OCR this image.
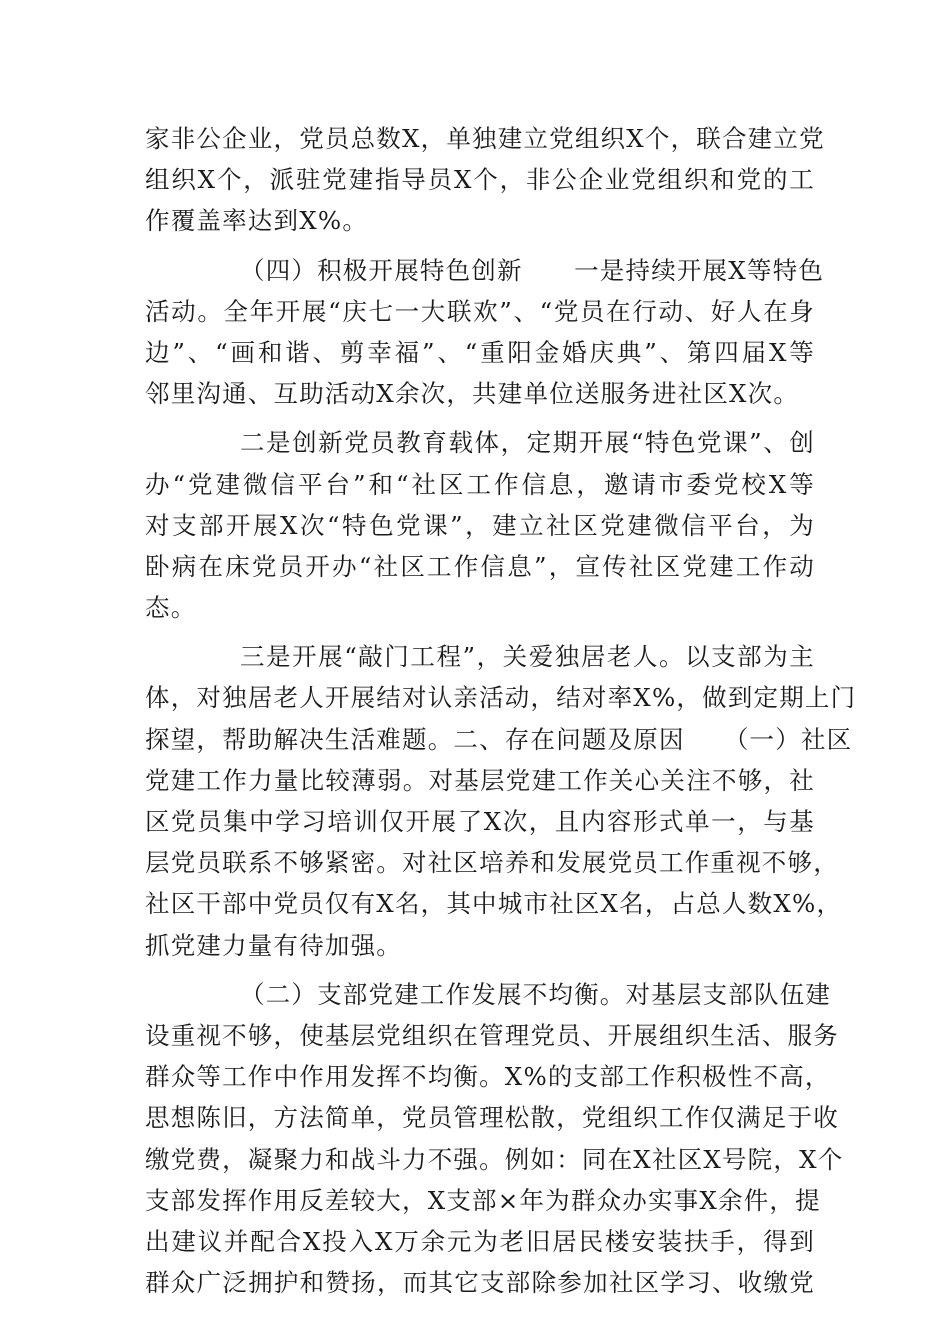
家非公企业，党员总数X，单独建立党组织X个，联合建立党
组织X个，派驻党建指导员X个，非公企业党组织和党的工
作覆盖率达到X%。
（四）积极开展特色创新　　一是持续开展X等特色
活动。全年开展“庆七一大联欢”、“党员在行动、好人在身
边”、“画和谐、剪幸福”、“重阳金婚庆典”、第四届X等
邻里沟通、互助活动X余次，共建单位送服务进社区X次。
二是创新党员教育载体，定期开展“特色党课”、创
办“党建微信平台”和“社区工作信息，邀请市委党校X等
对支部开展X次“特色党课”，建立社区党建微信平台，为
卧病在床党员开办“社区工作信息”，宣传社区党建工作动
态。
三是开展“敲门工程”，关爱独居老人。以支部为主
体，对独居老人开展结对认亲活动，结对率X%，做到定期上门
探望，帮助解决生活难题。二、存在问题及原因　　（一）社区
党建工作力量比较薄弱。对基层党建工作关心关注不够，社
区党员集中学习培训仅开展了X次，且内容形式单一，与基
层党员联系不够紧密。对社区培养和发展党员工作重视不够，
社区干部中党员仅有X名，其中城市社区X名，占总人数X%，
抓党建力量有待加强。
（二）支部党建工作发展不均衡。对基层支部队伍建
设重视不够，使基层党组织在管理党员、开展组织生活、服务
群众等工作中作用发挥不均衡。X%的支部工作积极性不高，
思想陈旧，方法简单，党员管理松散，党组织工作仅满足于收
缴党费，凝聚力和战斗力不强。例如：同在X社区X号院，X个
支部发挥作用反差较大，X支部×年为群众办实事X余件，提
出建议并配合X投入X万余元为老旧居民楼安装扶手，得到
群众广泛拥护和赞扬，而其它支部除参加社区学习、收缴党
